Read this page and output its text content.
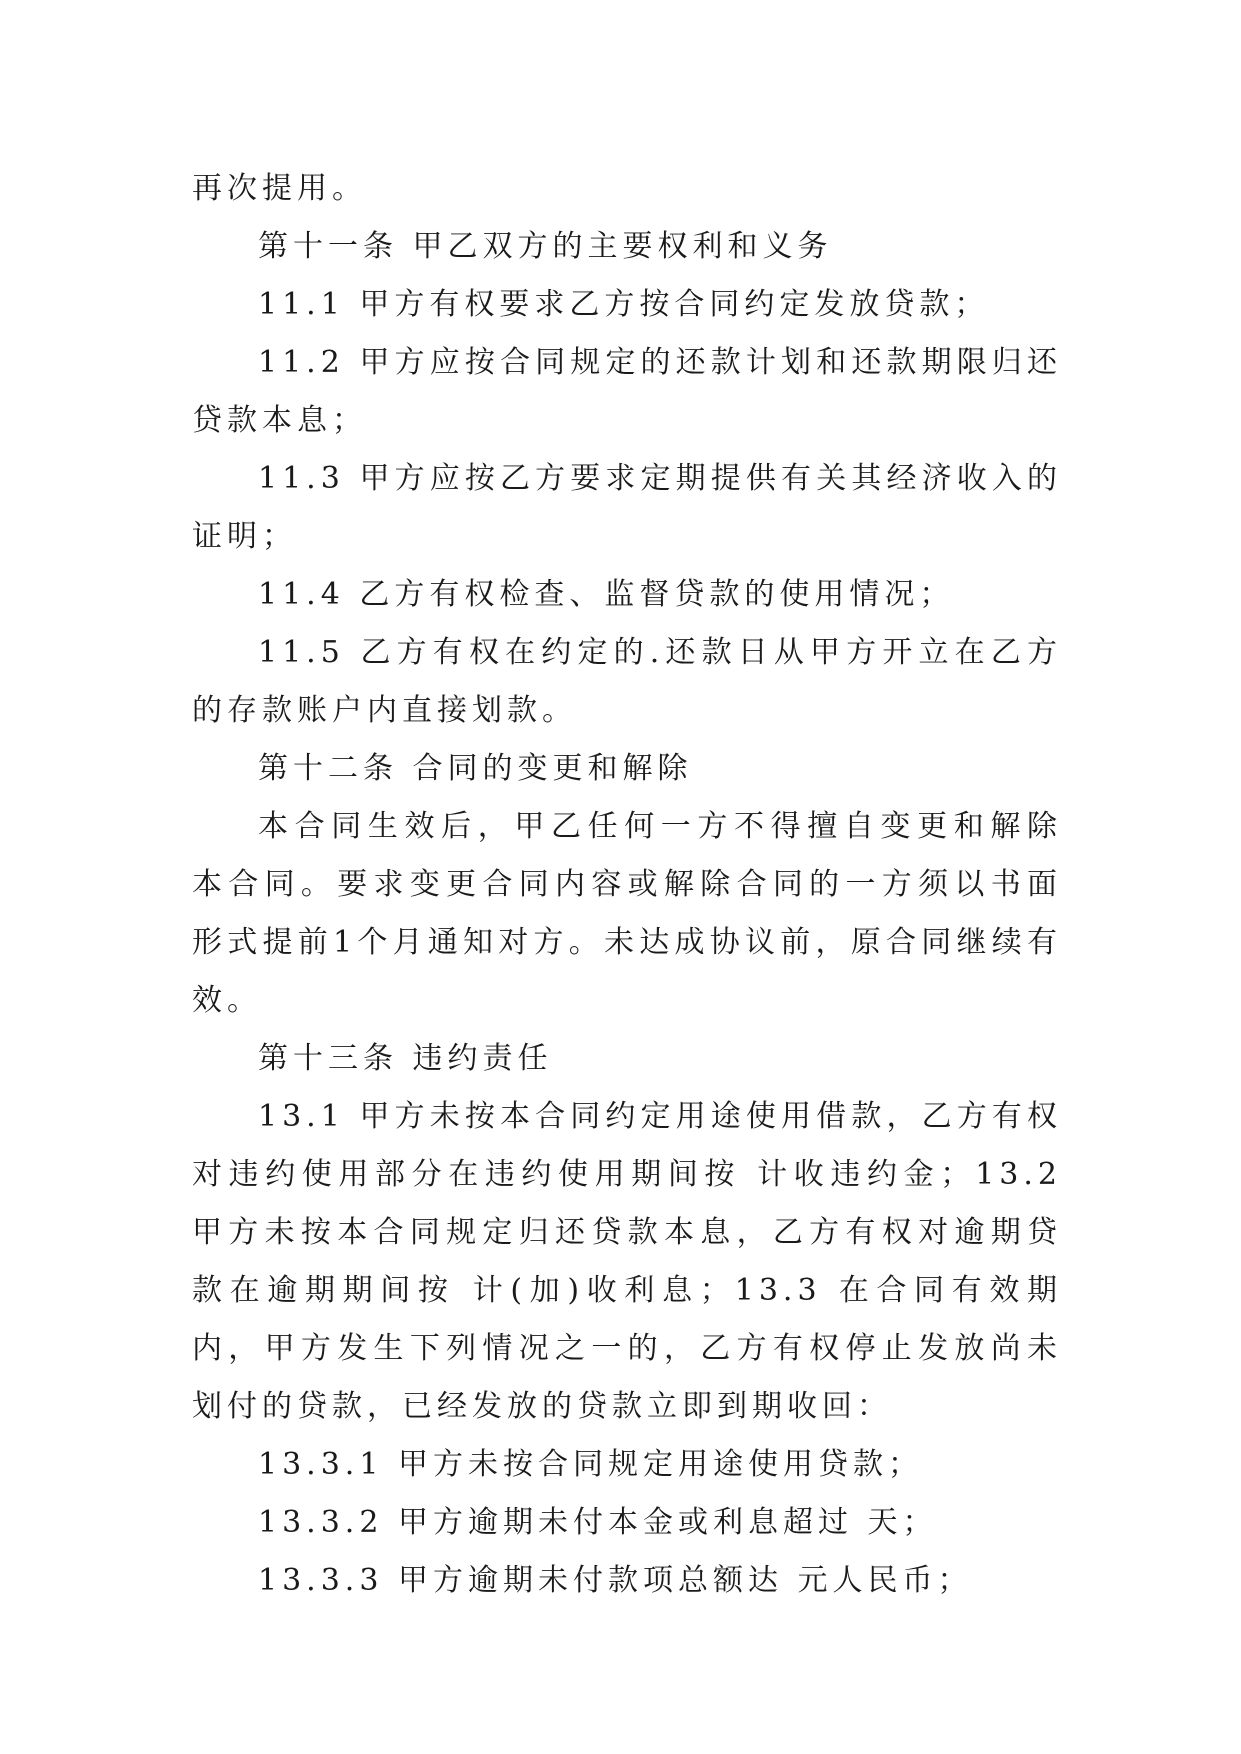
再次提用。

第十一条 甲乙双方的主要权利和义务

11.1 甲方有权要求乙方按合同约定发放贷款；

11.2 甲方应按合同规定的还款计划和还款期限归还贷款本息；

11.3 甲方应按乙方要求定期提供有关其经济收入的证明；

11.4 乙方有权检查、监督贷款的使用情况；

11.5 乙方有权在约定的.还款日从甲方开立在乙方的存款账户内直接划款。

第十二条 合同的变更和解除

本合同生效后，甲乙任何一方不得擅自变更和解除本合同。要求变更合同内容或解除合同的一方须以书面形式提前1个月通知对方。未达成协议前，原合同继续有效。

第十三条 违约责任

13.1 甲方未按本合同约定用途使用借款，乙方有权对违约使用部分在违约使用期间按 计收违约金；13.2 甲方未按本合同规定归还贷款本息，乙方有权对逾期贷款在逾期期间按 计(加)收利息；13.3 在合同有效期内，甲方发生下列情况之一的，乙方有权停止发放尚未划付的贷款，已经发放的贷款立即到期收回：

13.3.1 甲方未按合同规定用途使用贷款；

13.3.2 甲方逾期未付本金或利息超过 天；

13.3.3 甲方逾期未付款项总额达 元人民币；
